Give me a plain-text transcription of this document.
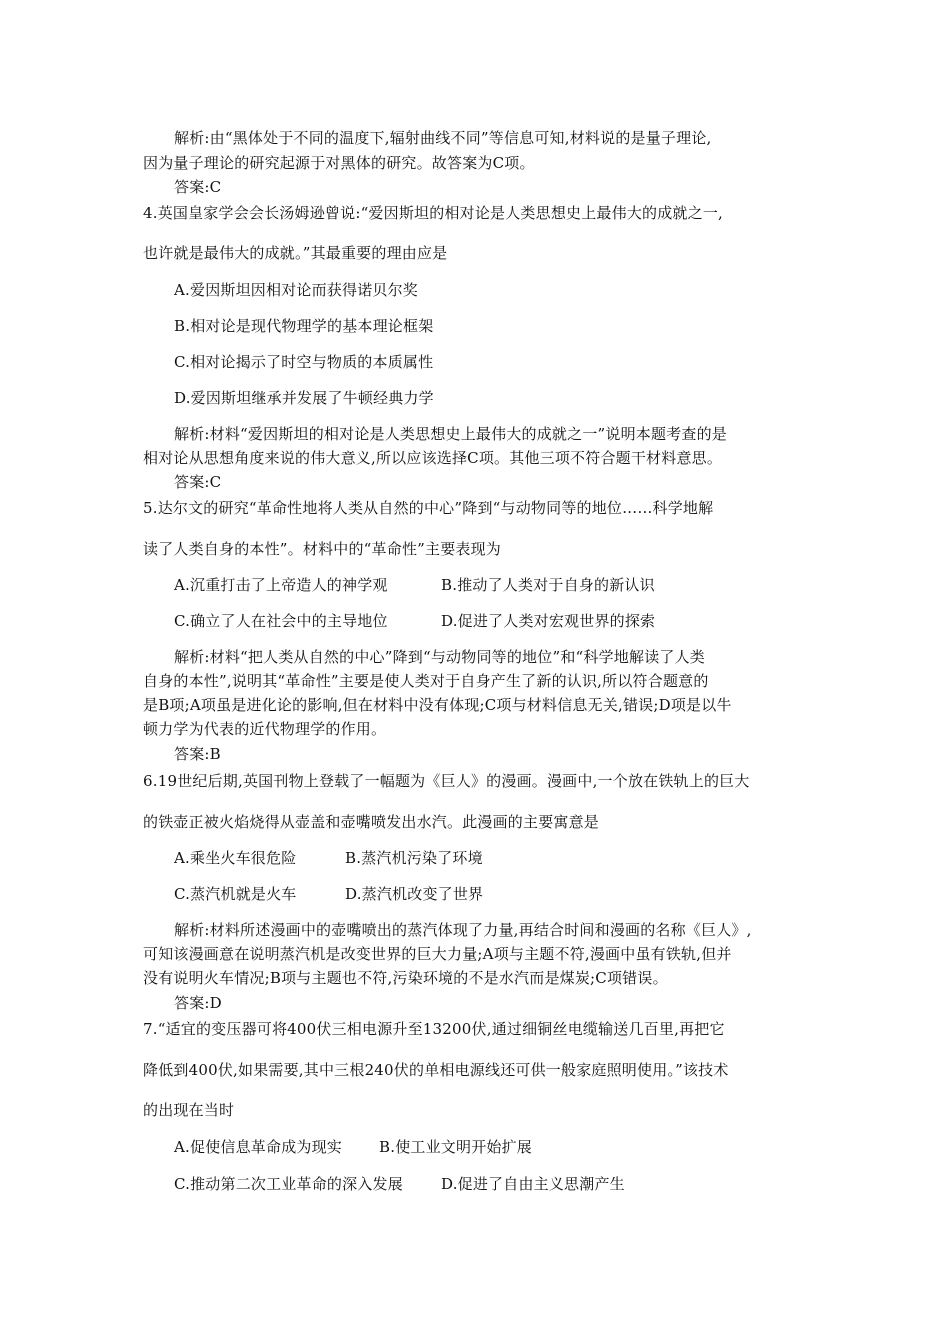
解析:由“黑体处于不同的温度下,辐射曲线不同”等信息可知,材料说的是量子理论,
因为量子理论的研究起源于对黑体的研究。故答案为C项。
答案:C
4.英国皇家学会会长汤姆逊曾说:“爱因斯坦的相对论是人类思想史上最伟大的成就之一,
也许就是最伟大的成就。”其最重要的理由应是
A.爱因斯坦因相对论而获得诺贝尔奖
B.相对论是现代物理学的基本理论框架
C.相对论揭示了时空与物质的本质属性
D.爱因斯坦继承并发展了牛顿经典力学
解析:材料“爱因斯坦的相对论是人类思想史上最伟大的成就之一”说明本题考查的是
相对论从思想角度来说的伟大意义,所以应该选择C项。其他三项不符合题干材料意思。
答案:C
5.达尔文的研究“革命性地将人类从自然的中心”降到“与动物同等的地位……科学地解
读了人类自身的本性”。材料中的“革命性”主要表现为
A.沉重打击了上帝造人的神学观	B.推动了人类对于自身的新认识
C.确立了人在社会中的主导地位	D.促进了人类对宏观世界的探索
解析:材料“把人类从自然的中心”降到“与动物同等的地位”和“科学地解读了人类
自身的本性”,说明其“革命性”主要是使人类对于自身产生了新的认识,所以符合题意的
是B项;A项虽是进化论的影响,但在材料中没有体现;C项与材料信息无关,错误;D项是以牛
顿力学为代表的近代物理学的作用。
答案:B
6.19世纪后期,英国刊物上登载了一幅题为《巨人》的漫画。漫画中,一个放在铁轨上的巨大
的铁壶正被火焰烧得从壶盖和壶嘴喷发出水汽。此漫画的主要寓意是
A.乘坐火车很危险	B.蒸汽机污染了环境
C.蒸汽机就是火车	D.蒸汽机改变了世界
解析:材料所述漫画中的壶嘴喷出的蒸汽体现了力量,再结合时间和漫画的名称《巨人》,
可知该漫画意在说明蒸汽机是改变世界的巨大力量;A项与主题不符,漫画中虽有铁轨,但并
没有说明火车情况;B项与主题也不符,污染环境的不是水汽而是煤炭;C项错误。
答案:D
7.“适宜的变压器可将400伏三相电源升至13200伏,通过细铜丝电缆输送几百里,再把它
降低到400伏,如果需要,其中三根240伏的单相电源线还可供一般家庭照明使用。”该技术
的出现在当时
A.促使信息革命成为现实 B.使工业文明开始扩展
C.推动第二次工业革命的深入发展	D.促进了自由主义思潮产生
